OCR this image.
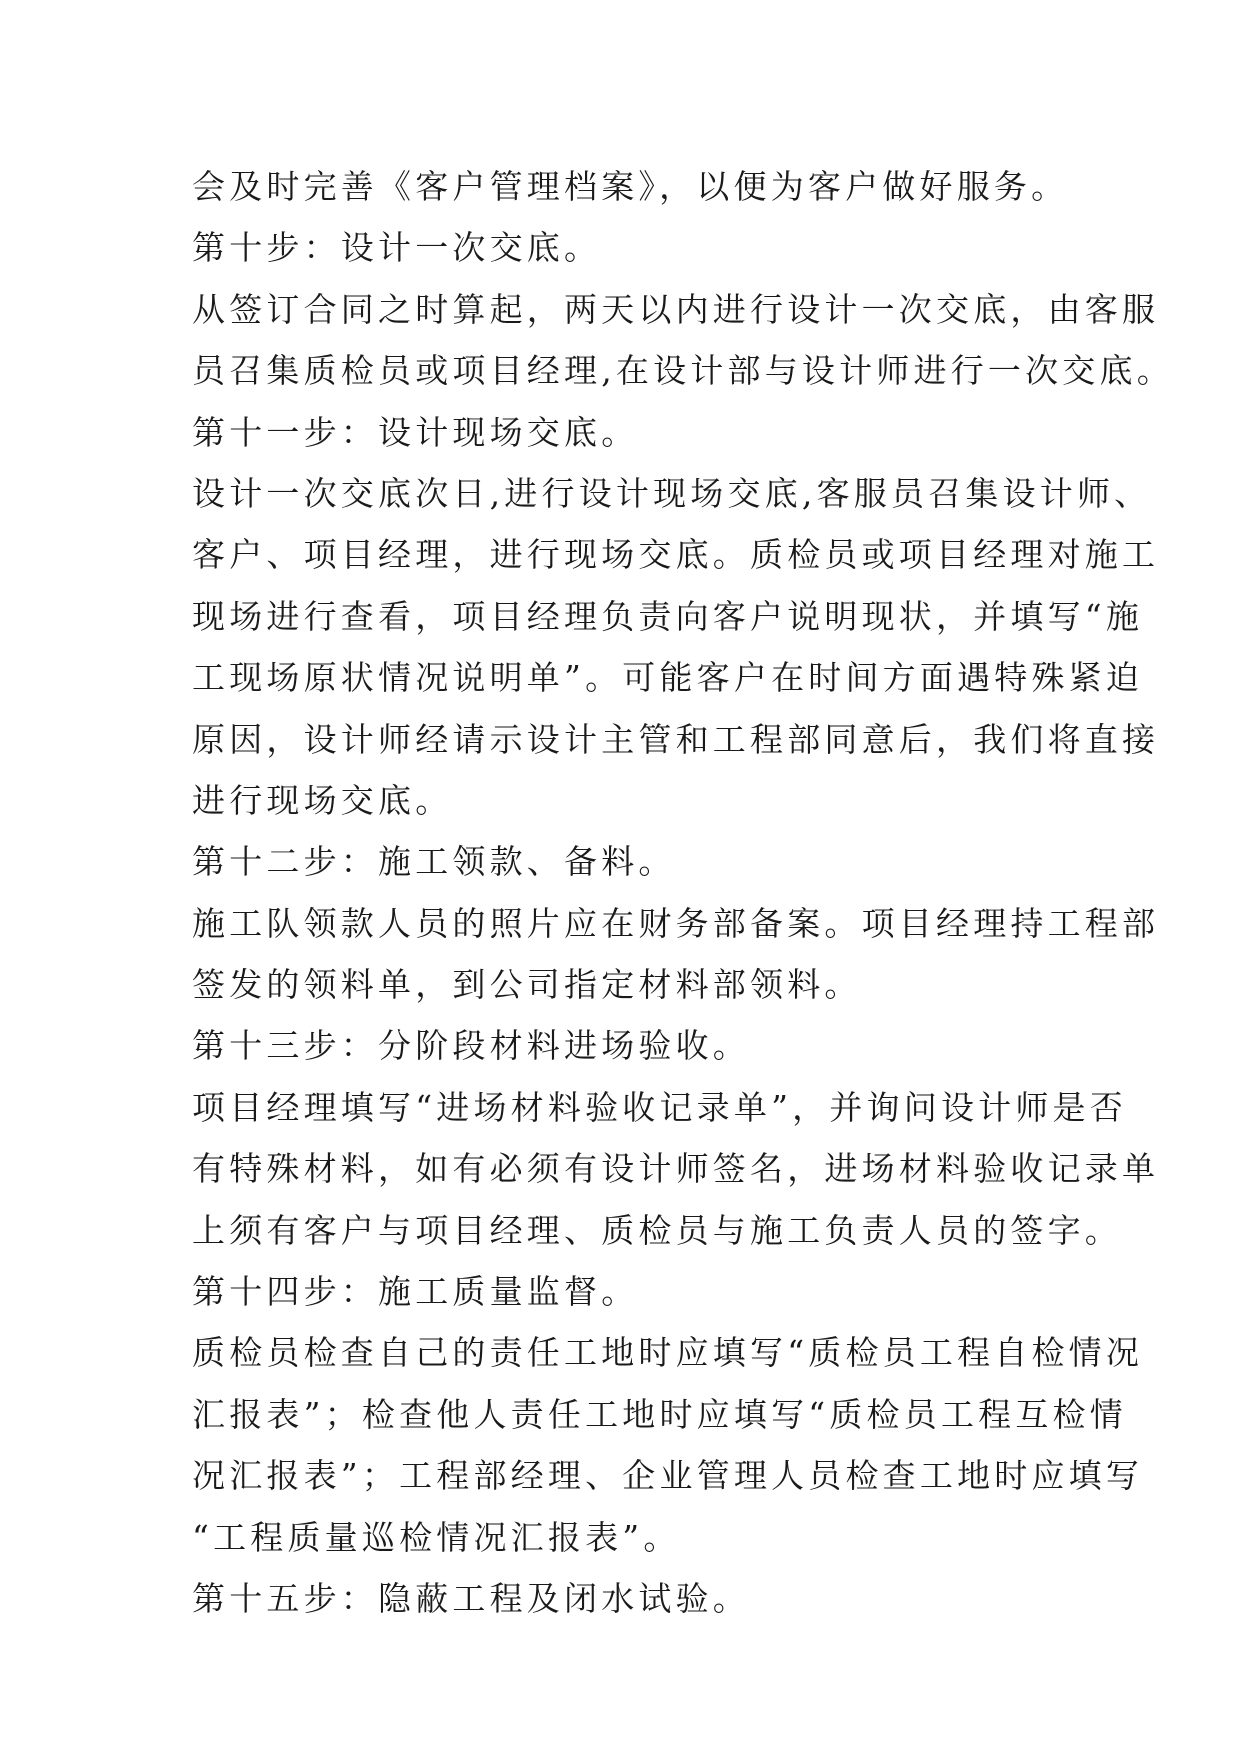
会及时完善《客户管理档案》，以便为客户做好服务。
第十步：设计一次交底。
从签订合同之时算起，两天以内进行设计一次交底，由客服
员召集质检员或项目经理,在设计部与设计师进行一次交底。
第十一步：设计现场交底。
设计一次交底次日,进行设计现场交底,客服员召集设计师、
客户、项目经理，进行现场交底。质检员或项目经理对施工
现场进行查看，项目经理负责向客户说明现状，并填写“施
工现场原状情况说明单”。可能客户在时间方面遇特殊紧迫
原因，设计师经请示设计主管和工程部同意后，我们将直接
进行现场交底。
第十二步：施工领款、备料。
施工队领款人员的照片应在财务部备案。项目经理持工程部
签发的领料单，到公司指定材料部领料。
第十三步：分阶段材料进场验收。
项目经理填写“进场材料验收记录单”，并询问设计师是否
有特殊材料，如有必须有设计师签名，进场材料验收记录单
上须有客户与项目经理、质检员与施工负责人员的签字。
第十四步：施工质量监督。
质检员检查自己的责任工地时应填写“质检员工程自检情况
汇报表”；检查他人责任工地时应填写“质检员工程互检情
况汇报表”；工程部经理、企业管理人员检查工地时应填写
“工程质量巡检情况汇报表”。
第十五步：隐蔽工程及闭水试验。
